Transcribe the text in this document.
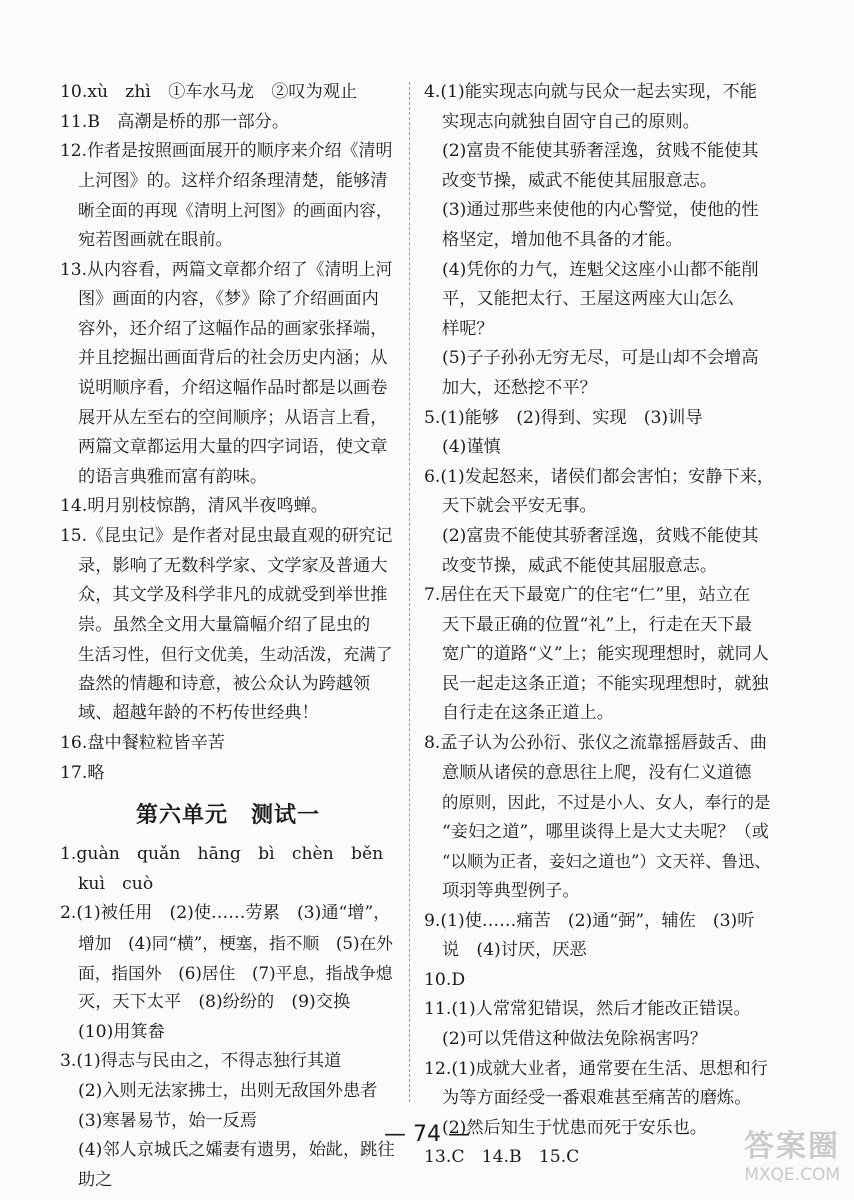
10.xù　zhì　①车水马龙　②叹为观止
11.B　高潮是桥的那一部分。
12.作者是按照画面展开的顺序来介绍《清明
上河图》的。这样介绍条理清楚，能够清
晰全面的再现《清明上河图》的画面内容，
宛若图画就在眼前。
13.从内容看，两篇文章都介绍了《清明上河
图》画面的内容，《梦》除了介绍画面内
容外，还介绍了这幅作品的画家张择端，
并且挖掘出画面背后的社会历史内涵；从
说明顺序看，介绍这幅作品时都是以画卷
展开从左至右的空间顺序；从语言上看，
两篇文章都运用大量的四字词语，使文章
的语言典雅而富有韵味。
14.明月别枝惊鹊，清风半夜鸣蝉。
15.《昆虫记》是作者对昆虫最直观的研究记
录，影响了无数科学家、文学家及普通大
众，其文学及科学非凡的成就受到举世推
崇。虽然全文用大量篇幅介绍了昆虫的
生活习性，但行文优美，生动活泼，充满了
盎然的情趣和诗意，被公众认为跨越领
域、超越年龄的不朽传世经典！
16.盘中餐粒粒皆辛苦
17.略
第六单元　测试一
1.guàn　quǎn　hāng　bì　chèn　běn
kuì　cuò
2.(1)被任用　(2)使……劳累　(3)通“增”，
增加　(4)同“横”，梗塞，指不顺　(5)在外
面，指国外　(6)居住　(7)平息，指战争熄
灭，天下太平　(8)纷纷的　(9)交换
(10)用箕畚
3.(1)得志与民由之，不得志独行其道
(2)入则无法家拂士，出则无敌国外患者
(3)寒暑易节，始一反焉
(4)邻人京城氏之孀妻有遗男，始龀，跳往
助之
4.(1)能实现志向就与民众一起去实现，不能
实现志向就独自固守自己的原则。
(2)富贵不能使其骄奢淫逸，贫贱不能使其
改变节操，威武不能使其屈服意志。
(3)通过那些来使他的内心警觉，使他的性
格坚定，增加他不具备的才能。
(4)凭你的力气，连魁父这座小山都不能削
平，又能把太行、王屋这两座大山怎么
样呢？
(5)子子孙孙无穷无尽，可是山却不会增高
加大，还愁挖不平？
5.(1)能够　(2)得到、实现　(3)训导
(4)谨慎
6.(1)发起怒来，诸侯们都会害怕；安静下来，
天下就会平安无事。
(2)富贵不能使其骄奢淫逸，贫贱不能使其
改变节操，威武不能使其屈服意志。
7.居住在天下最宽广的住宅“仁”里，站立在
天下最正确的位置“礼”上，行走在天下最
宽广的道路“义”上；能实现理想时，就同人
民一起走这条正道；不能实现理想时，就独
自行走在这条正道上。
8.孟子认为公孙衍、张仪之流靠摇唇鼓舌、曲
意顺从诸侯的意思往上爬，没有仁义道德
的原则，因此，不过是小人、女人，奉行的是
“妾妇之道”，哪里谈得上是大丈夫呢？（或
“以顺为正者，妾妇之道也”）文天祥、鲁迅、
项羽等典型例子。
9.(1)使……痛苦　(2)通“弼”，辅佐　(3)听
说　(4)讨厌，厌恶
10.D
11.(1)人常常犯错误，然后才能改正错误。
(2)可以凭借这种做法免除祸害吗？
12.(1)成就大业者，通常要在生活、思想和行
为等方面经受一番艰难甚至痛苦的磨炼。
(2)然后知生于忧患而死于安乐也。
13.C　14.B　15.C
— 74 —	答案圈
MXQE.COM
